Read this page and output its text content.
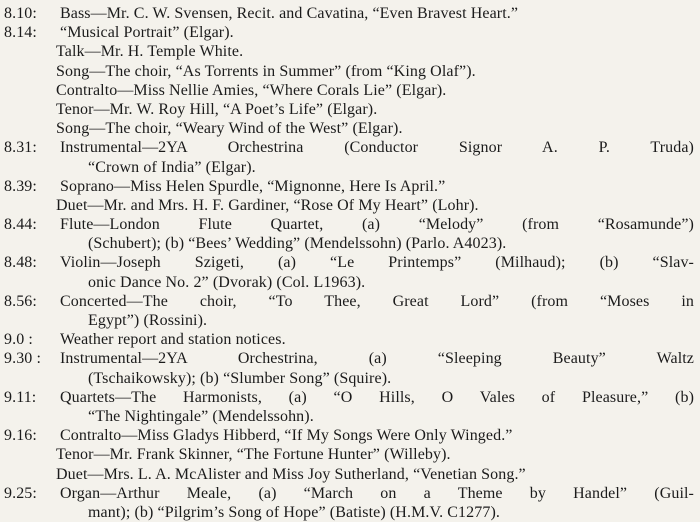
8.10:	Bass—Mr. C. W. Svensen, Recit. and Cavatina, “Even Bravest Heart.”
8.14:	“Musical Portrait” (Elgar).
Talk—Mr. H. Temple White.
Song—The choir, “As Torrents in Summer” (from “King Olaf”).
Contralto—Miss Nellie Amies, “Where Corals Lie” (Elgar).
Tenor—Mr. W. Roy Hill, “A Poet’s Life” (Elgar).
Song—The choir, “Weary Wind of the West” (Elgar).
8.31:	Instrumental—2YA Orchestrina (Conductor Signor A. P. Truda)
“Crown of India” (Elgar).
8.39:	Soprano—Miss Helen Spurdle, “Mignonne, Here Is April.”
Duet—Mr. and Mrs. H. F. Gardiner, “Rose Of My Heart” (Lohr).
8.44:	Flute—London Flute Quartet, (a) “Melody” (from “Rosamunde”)
(Schubert); (b) “Bees’ Wedding” (Mendelssohn) (Parlo. A4023).
8.48:	Violin—Joseph Szigeti, (a) “Le Printemps” (Milhaud); (b) “Slav-
onic Dance No. 2” (Dvorak) (Col. L1963).
8.56:	Concerted—The choir, “To Thee, Great Lord” (from “Moses in
Egypt”) (Rossini).
9.0 :	Weather report and station notices.
9.30 :	Instrumental—2YA Orchestrina, (a) “Sleeping Beauty” Waltz
(Tschaikowsky); (b) “Slumber Song” (Squire).
9.11:	Quartets—The Harmonists, (a) “O Hills, O Vales of Pleasure,” (b)
“The Nightingale” (Mendelssohn).
9.16:	Contralto—Miss Gladys Hibberd, “If My Songs Were Only Winged.”
Tenor—Mr. Frank Skinner, “The Fortune Hunter” (Willeby).
Duet—Mrs. L. A. McAlister and Miss Joy Sutherland, “Venetian Song.”
9.25:	Organ—Arthur Meale, (a) “March on a Theme by Handel” (Guil-
mant); (b) “Pilgrim’s Song of Hope” (Batiste) (H.M.V. C1277).
